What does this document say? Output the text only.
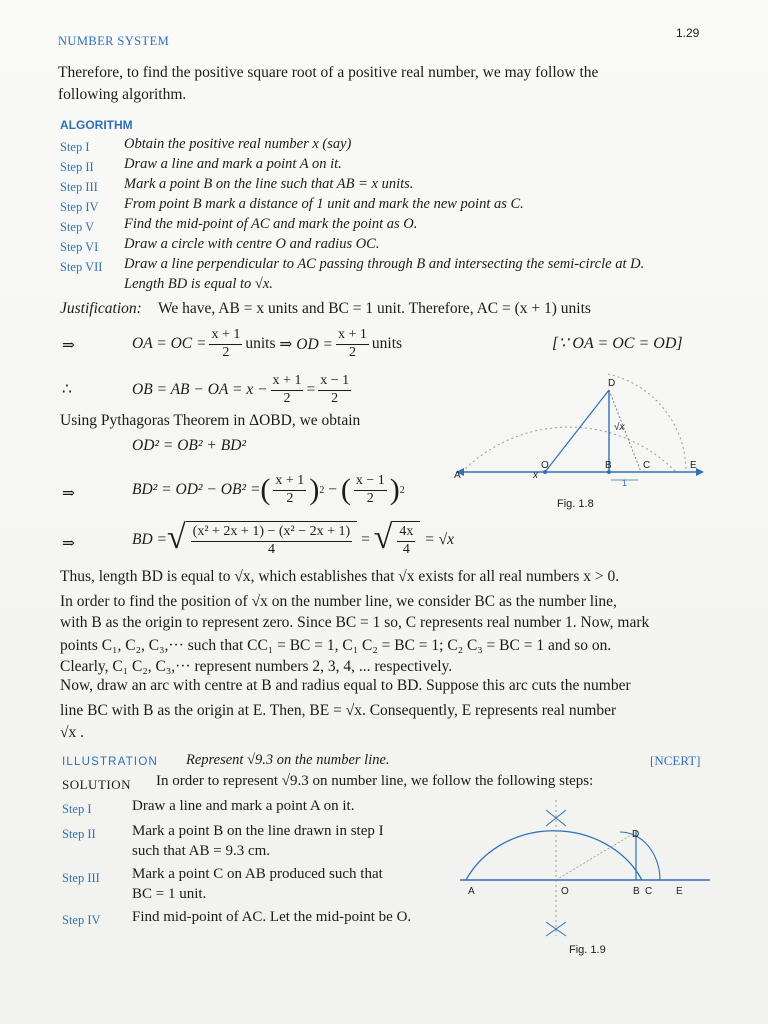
NUMBER SYSTEM
1.29
Therefore, to find the positive square root of a positive real number, we may follow the
following algorithm.
ALGORITHM
Step I Obtain the positive real number x (say)
Step II Draw a line and mark a point A on it.
Step III Mark a point B on the line such that AB = x units.
Step IV From point B mark a distance of 1 unit and mark the new point as C.
Step V Find the mid-point of AC and mark the point as O.
Step VI Draw a circle with centre O and radius OC.
Step VII Draw a line perpendicular to AC passing through B and intersecting the semi-circle at D.
Length BD is equal to √x.
Justification: We have, AB = x units and BC = 1 unit. Therefore, AC = (x + 1) units
⇒	OA = OC = $\frac{x + 1}{2}$ units
⇒ OD = $\frac{x + 1}{2}$ units	[∵ OA = OC = OD]
∴	OB = AB − OA = $x - \frac{x + 1}{2} = \frac{x - 1}{2}$
Using Pythagoras Theorem in ΔOBD, we obtain
OD² = OB² + BD²
⇒	BD² = OD² − OB² = ( $\frac{x + 1}{2}$ ) 2
−
( $\frac{x - 1}{2}$ ) 2
⇒	BD = √ $\frac{\text{(x² + 2x + 1) − (x² − 2x + 1)}}{4}$
=
√ $\frac{4x}{4}$
= √x
A	x
O	B	C	E
D
√x
1
Fig. 1.8
Thus, length BD is equal to √x, which establishes that √x exists for all real numbers x > 0.
In order to find the position of √x on the number line, we consider BC as the number line,
with B as the origin to represent zero. Since BC = 1 so, C represents real number 1. Now, mark
points C₁, C₂, C₃,··· such that CC₁ = BC = 1, C₁ C₂ = BC = 1; C₂ C₃ = BC = 1 and so on.
Clearly, C₁ C₂, C₃,··· represent numbers 2, 3, 4, ... respectively.
Now, draw an arc with centre at B and radius equal to BD. Suppose this arc cuts the number
line BC with B as the origin at E. Then, BE = √x. Consequently, E represents real number
√x .
ILLUSTRATION Represent √9.3 on the number line.	[NCERT]
SOLUTION In order to represent √9.3 on number line, we follow the following steps:
Step I	Draw a line and mark a point A on it.
Step II Mark a point B on the line drawn in step I
such that AB = 9.3 cm.
Step III Mark a point C on AB produced such that
BC = 1 unit.
Step IV Find mid-point of AC. Let the mid-point be O.
A	O	B C E
D
Fig. 1.9
